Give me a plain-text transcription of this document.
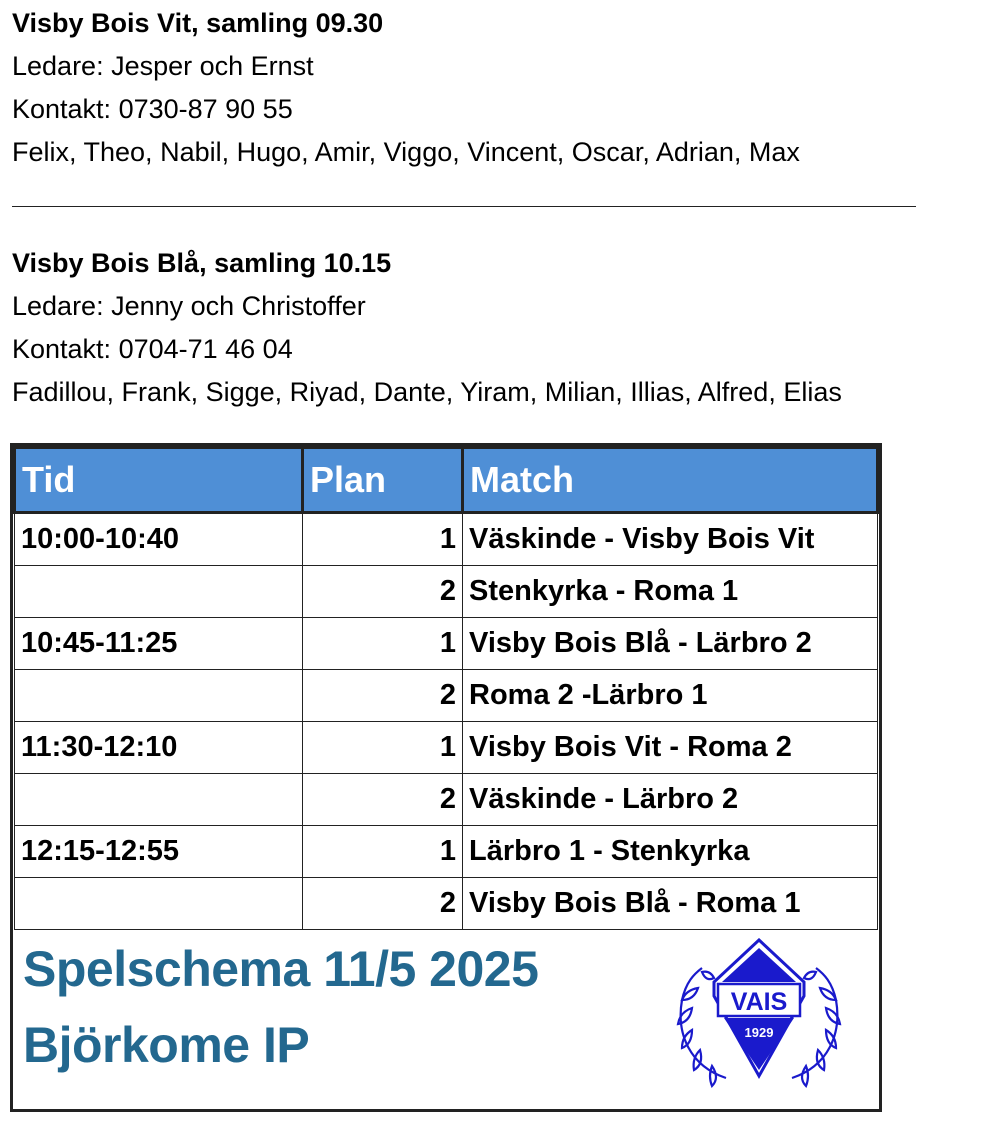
Visby Bois Vit, samling 09.30
Ledare: Jesper och Ernst
Kontakt: 0730-87 90 55
Felix, Theo, Nabil, Hugo, Amir, Viggo, Vincent, Oscar, Adrian, Max
Visby Bois Blå, samling 10.15
Ledare: Jenny och Christoffer
Kontakt: 0704-71 46 04
Fadillou, Frank, Sigge, Riyad, Dante, Yiram, Milian, Illias, Alfred, Elias
Tid	Plan	Match
10:00-10:40	1	Väskinde - Visby Bois Vit
	2	Stenkyrka - Roma 1
10:45-11:25	1	Visby Bois Blå - Lärbro 2
	2	Roma 2 -Lärbro 1
11:30-12:10	1	Visby Bois Vit - Roma 2
	2	Väskinde - Lärbro 2
12:15-12:55	1	Lärbro 1 - Stenkyrka
	2	Visby Bois Blå - Roma 1
Spelschema 11/5 2025
Björkome IP
VAIS
1929
